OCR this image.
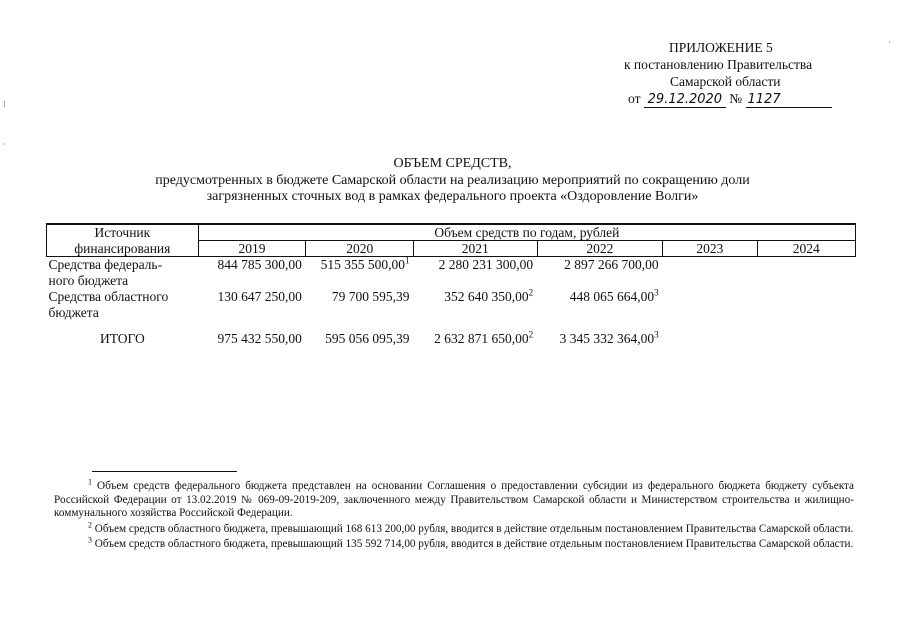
ПРИЛОЖЕНИЕ 5
к постановлению Правительства
Самарской области
от 29.12.2020 № 1127
ОБЪЕМ СРЕДСТВ,
предусмотренных в бюджете Самарской области на реализацию мероприятий по сокращению доли
загрязненных сточных вод в рамках федерального проекта «Оздоровление Волги»
Источник	Объем средств по годам, рублей					
финансирования	2019	2020	2021	2022	2023	2024

Средства федераль-
ного бюджета	844 785 300,00	515 355 500,00$^1$	2 280 231 300,00	2 897 266 700,00		

Средства областного
бюджета	130 647 250,00	79 700 595,39	352 640 350,00$^2$	448 065 664,00$^3$		
ИТОГО	975 432 550,00	595 056 095,39	2 632 871 650,00$^2$	3 345 332 364,00$^3$		

$^1$ Объем средств федерального бюджета представлен на основании Соглашения о предоставлении субсидии из федерального бюджета бюджету субъекта Российской Федерации от 13.02.2019 № 069-09-2019-209, заключенного между Правительством Самарской области и Министерством строительства и жилищно-коммунального хозяйства Российской Федерации.

$^2$ Объем средств областного бюджета, превышающий 168 613 200,00 рубля, вводится в действие отдельным постановлением Правительства Самарской области.

$^3$ Объем средств областного бюджета, превышающий 135 592 714,00 рубля, вводится в действие отдельным постановлением Правительства Самарской области.

⁞
·
·
